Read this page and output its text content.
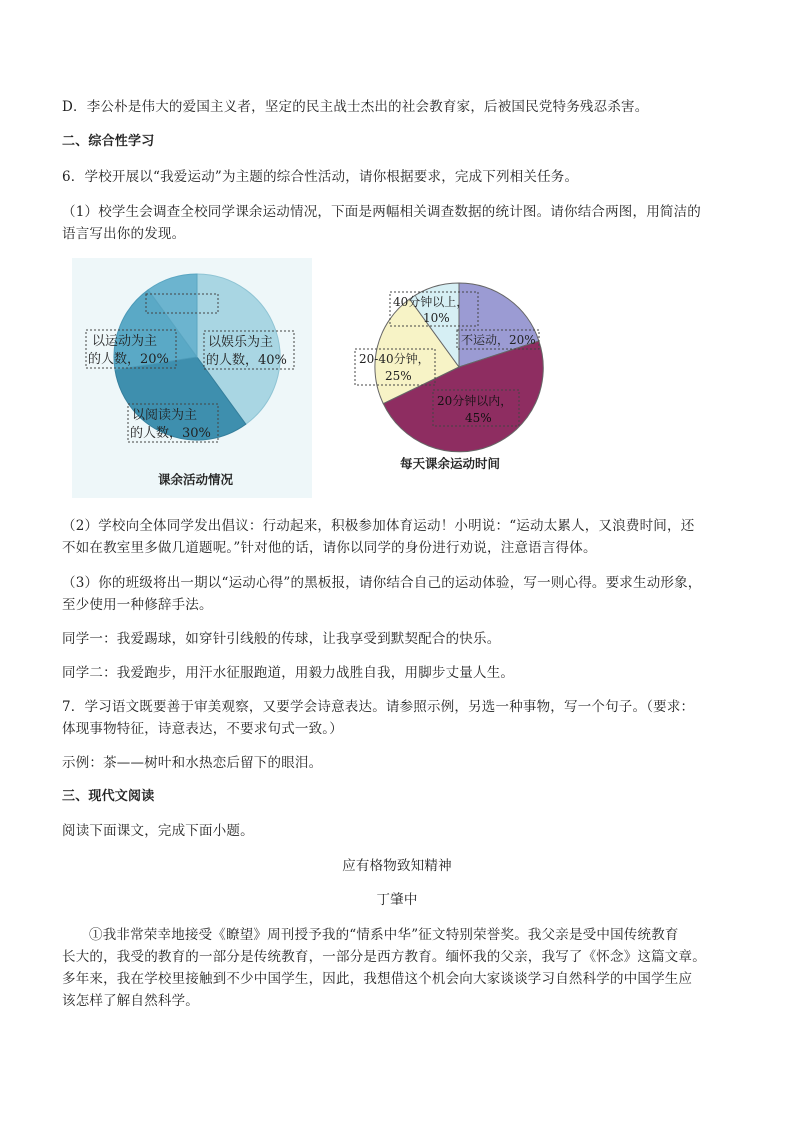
D．李公朴是伟大的爱国主义者，坚定的民主战士杰出的社会教育家，后被国民党特务残忍杀害。
二、综合性学习
6．学校开展以“我爱运动”为主题的综合性活动，请你根据要求，完成下列相关任务。
（1）校学生会调查全校同学课余运动情况，下面是两幅相关调查数据的统计图。请你结合两图，用简洁的
语言写出你的发现。
以娱乐为主
的人数，40%
以运动为主
的人数，20%
以阅读为主
的人数，30%
课余活动情况
40分钟以上，
10%
不运动，20%
20-40分钟，
25%
20分钟以内，
45%
每天课余运动时间
（2）学校向全体同学发出倡议：行动起来，积极参加体育运动！小明说：“运动太累人，又浪费时间，还
不如在教室里多做几道题呢。”针对他的话，请你以同学的身份进行劝说，注意语言得体。
（3）你的班级将出一期以“运动心得”的黑板报，请你结合自己的运动体验，写一则心得。要求生动形象，
至少使用一种修辞手法。
同学一：我爱踢球，如穿针引线般的传球，让我享受到默契配合的快乐。
同学二：我爱跑步，用汗水征服跑道，用毅力战胜自我，用脚步丈量人生。
7．学习语文既要善于审美观察，又要学会诗意表达。请参照示例，另选一种事物，写一个句子。（要求：
体现事物特征，诗意表达，不要求句式一致。）
示例：茶——树叶和水热恋后留下的眼泪。
三、现代文阅读
阅读下面课文，完成下面小题。
应有格物致知精神
丁肇中
①我非常荣幸地接受《瞭望》周刊授予我的“情系中华”征文特别荣誉奖。我父亲是受中国传统教育
长大的，我受的教育的一部分是传统教育，一部分是西方教育。缅怀我的父亲，我写了《怀念》这篇文章。
多年来，我在学校里接触到不少中国学生，因此，我想借这个机会向大家谈谈学习自然科学的中国学生应
该怎样了解自然科学。
